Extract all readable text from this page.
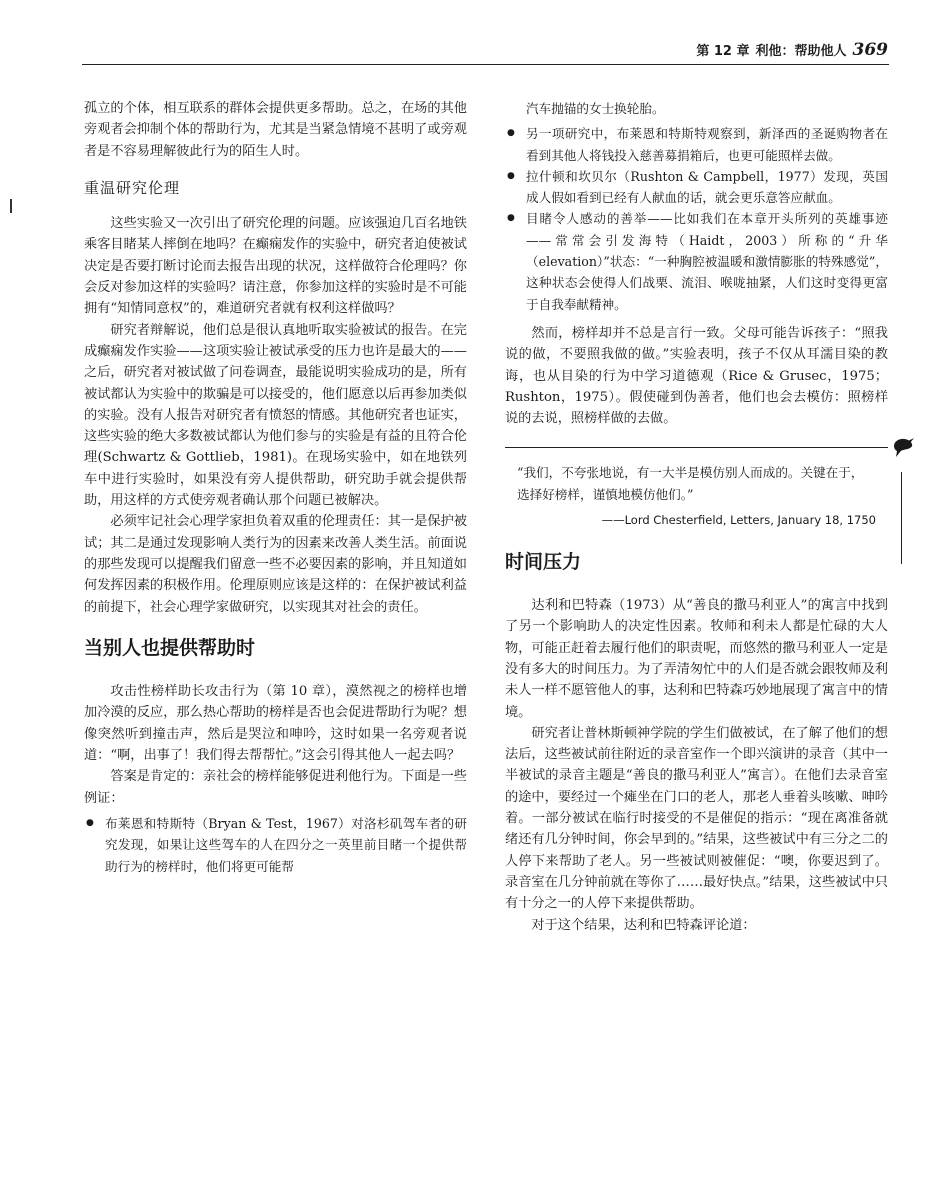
第 12 章 利他：帮助他人 369

孤立的个体，相互联系的群体会提供更多帮助。总之，在场的其他旁观者会抑制个体的帮助行为，尤其是当紧急情境不甚明了或旁观者是不容易理解彼此行为的陌生人时。

重温研究伦理

这些实验又一次引出了研究伦理的问题。应该强迫几百名地铁乘客目睹某人摔倒在地吗？在癫痫发作的实验中，研究者迫使被试决定是否要打断讨论而去报告出现的状况，这样做符合伦理吗？你会反对参加这样的实验吗？请注意，你参加这样的实验时是不可能拥有“知情同意权”的，难道研究者就有权利这样做吗？

研究者辩解说，他们总是很认真地听取实验被试的报告。在完成癫痫发作实验——这项实验让被试承受的压力也许是最大的——之后，研究者对被试做了问卷调查，最能说明实验成功的是，所有被试都认为实验中的欺骗是可以接受的，他们愿意以后再参加类似的实验。没有人报告对研究者有愤怒的情感。其他研究者也证实，这些实验的绝大多数被试都认为他们参与的实验是有益的且符合伦理(Schwartz & Gottlieb，1981)。在现场实验中，如在地铁列车中进行实验时，如果没有旁人提供帮助，研究助手就会提供帮助，用这样的方式使旁观者确认那个问题已被解决。

必须牢记社会心理学家担负着双重的伦理责任：其一是保护被试；其二是通过发现影响人类行为的因素来改善人类生活。前面说的那些发现可以提醒我们留意一些不必要因素的影响，并且知道如何发挥因素的积极作用。伦理原则应该是这样的：在保护被试利益的前提下，社会心理学家做研究，以实现其对社会的责任。

当别人也提供帮助时

攻击性榜样助长攻击行为（第 10 章），漠然视之的榜样也增加冷漠的反应，那么热心帮助的榜样是否也会促进帮助行为呢？想像突然听到撞击声，然后是哭泣和呻吟，这时如果一名旁观者说道：“啊，出事了！我们得去帮帮忙。”这会引得其他人一起去吗？

答案是肯定的：亲社会的榜样能够促进利他行为。下面是一些例证：

● 布莱恩和特斯特（Bryan & Test，1967）对洛杉矶驾车者的研究发现，如果让这些驾车的人在四分之一英里前目睹一个提供帮助行为的榜样时，他们将更可能帮

汽车抛锚的女士换轮胎。

● 另一项研究中，布莱恩和特斯特观察到，新泽西的圣诞购物者在看到其他人将钱投入慈善募捐箱后，也更可能照样去做。
● 拉什顿和坎贝尔（Rushton & Campbell，1977）发现，英国成人假如看到已经有人献血的话，就会更乐意答应献血。
● 目睹令人感动的善举——比如我们在本章开头所列的英雄事迹——常常会引发海特（Haidt，2003）所称的“升华（elevation）”状态：“一种胸腔被温暖和激情膨胀的特殊感觉”，这种状态会使得人们战栗、流泪、喉咙抽紧，人们这时变得更富于自我奉献精神。

然而，榜样却并不总是言行一致。父母可能告诉孩子：“照我说的做，不要照我做的做。”实验表明，孩子不仅从耳濡目染的教诲，也从目染的行为中学习道德观（Rice & Grusec，1975；Rushton，1975）。假使碰到伪善者，他们也会去模仿：照榜样说的去说，照榜样做的去做。

“我们，不夸张地说，有一大半是模仿别人而成的。关键在于，选择好榜样，谨慎地模仿他们。”
——Lord Chesterfield, Letters, January 18, 1750
时间压力

达利和巴特森（1973）从“善良的撒马利亚人”的寓言中找到了另一个影响助人的决定性因素。牧师和利未人都是忙碌的大人物，可能正赶着去履行他们的职责呢，而悠然的撒马利亚人一定是没有多大的时间压力。为了弄清匆忙中的人们是否就会跟牧师及利未人一样不愿管他人的事，达利和巴特森巧妙地展现了寓言中的情境。

研究者让普林斯顿神学院的学生们做被试，在了解了他们的想法后，这些被试前往附近的录音室作一个即兴演讲的录音（其中一半被试的录音主题是“善良的撒马利亚人”寓言）。在他们去录音室的途中，要经过一个瘫坐在门口的老人，那老人垂着头咳嗽、呻吟着。一部分被试在临行时接受的不是催促的指示：“现在离准备就绪还有几分钟时间，你会早到的。”结果，这些被试中有三分之二的人停下来帮助了老人。另一些被试则被催促：“噢，你要迟到了。录音室在几分钟前就在等你了……最好快点。”结果，这些被试中只有十分之一的人停下来提供帮助。

对于这个结果，达利和巴特森评论道：
